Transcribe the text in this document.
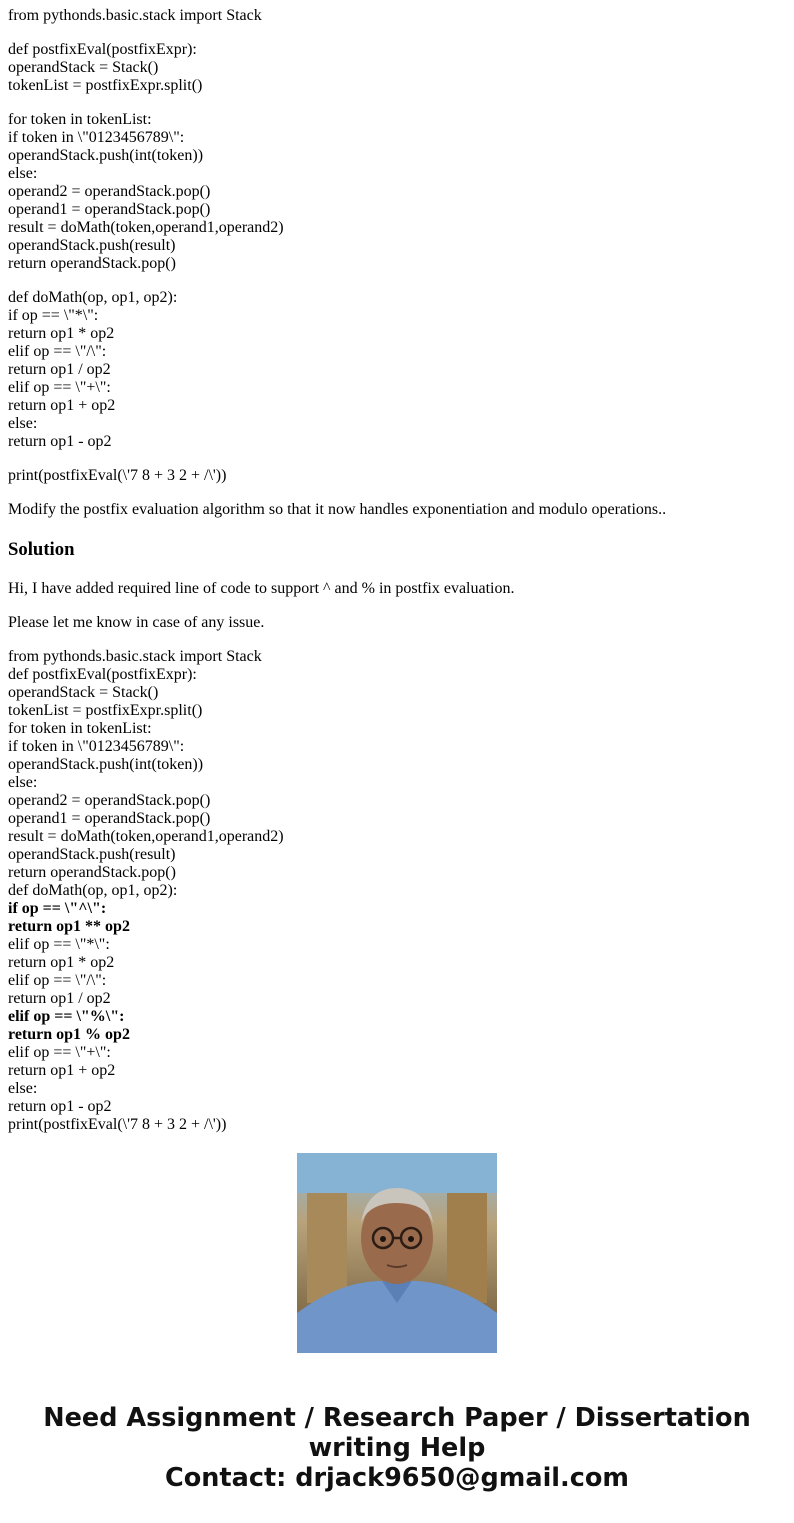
from pythonds.basic.stack import Stack
def postfixEval(postfixExpr):
operandStack = Stack()
tokenList = postfixExpr.split()
for token in tokenList:
if token in \"0123456789\":
operandStack.push(int(token))
else:
operand2 = operandStack.pop()
operand1 = operandStack.pop()
result = doMath(token,operand1,operand2)
operandStack.push(result)
return operandStack.pop()
def doMath(op, op1, op2):
if op == \"*\":
return op1 * op2
elif op == \"/\":
return op1 / op2
elif op == \"+\":
return op1 + op2
else:
return op1 - op2
print(postfixEval(\'7 8 + 3 2 + /\'))

Modify the postfix evaluation algorithm so that it now handles exponentiation and modulo operations..

Solution

Hi, I have added required line of code to support ^ and % in postfix evaluation.

Please let me know in case of any issue.

from pythonds.basic.stack import Stack
def postfixEval(postfixExpr):
operandStack = Stack()
tokenList = postfixExpr.split()
for token in tokenList:
if token in \"0123456789\":
operandStack.push(int(token))
else:
operand2 = operandStack.pop()
operand1 = operandStack.pop()
result = doMath(token,operand1,operand2)
operandStack.push(result)
return operandStack.pop()
def doMath(op, op1, op2):
if op == \"^\":
return op1 ** op2
elif op == \"*\":
return op1 * op2
elif op == \"/\":
return op1 / op2
elif op == \"%\":
return op1 % op2
elif op == \"+\":
return op1 + op2
else:
return op1 - op2
print(postfixEval(\'7 8 + 3 2 + /\'))
Need Assignment / Research Paper / Dissertation
writing Help
Contact: drjack9650@gmail.com
